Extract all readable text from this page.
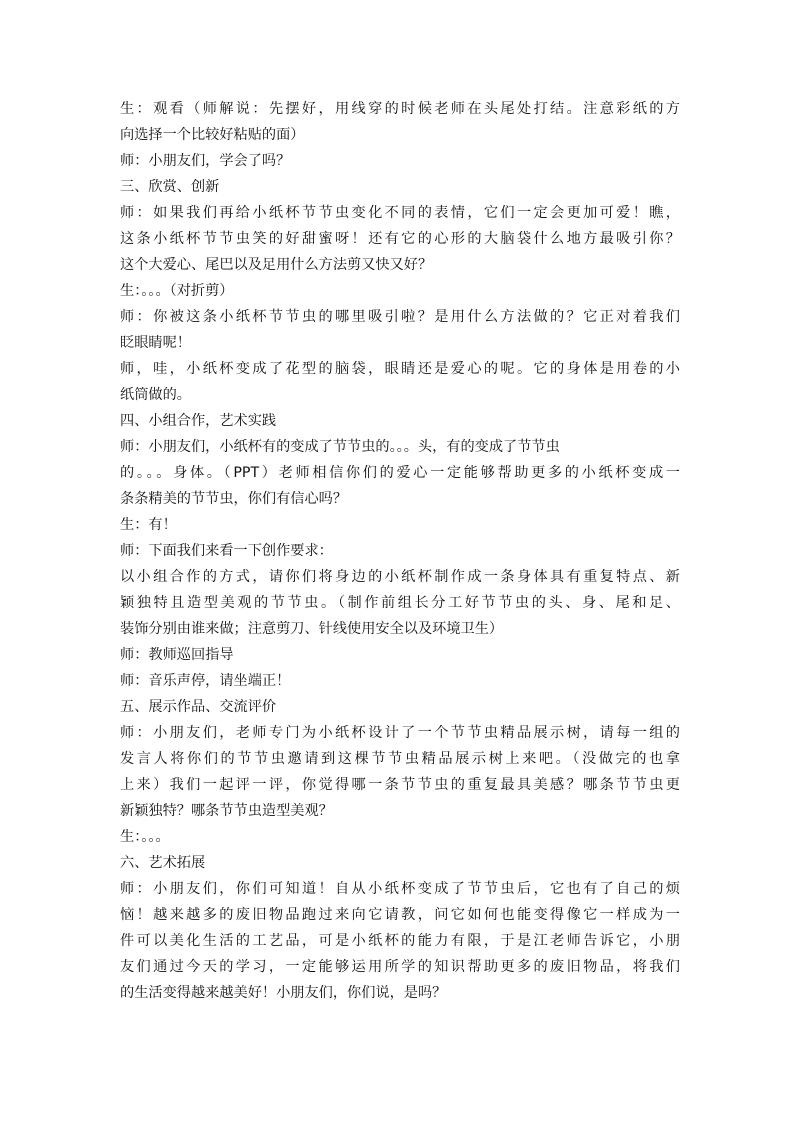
生：观看（师解说：先摆好，用线穿的时候老师在头尾处打结。注意彩纸的方

向选择一个比较好粘贴的面）

师：小朋友们，学会了吗？

三、欣赏、创新

师：如果我们再给小纸杯节节虫变化不同的表情，它们一定会更加可爱！瞧，

这条小纸杯节节虫笑的好甜蜜呀！还有它的心形的大脑袋什么地方最吸引你？

这个大爱心、尾巴以及足用什么方法剪又快又好？

生：。。。（对折剪）

师：你被这条小纸杯节节虫的哪里吸引啦？是用什么方法做的？它正对着我们

眨眼睛呢！

师，哇，小纸杯变成了花型的脑袋，眼睛还是爱心的呢。它的身体是用卷的小

纸筒做的。

四、小组合作，艺术实践

师：小朋友们，小纸杯有的变成了节节虫的。。。头，有的变成了节节虫

的。。。身体。（PPT）老师相信你们的爱心一定能够帮助更多的小纸杯变成一

条条精美的节节虫，你们有信心吗？

生：有！

师：下面我们来看一下创作要求：

以小组合作的方式，请你们将身边的小纸杯制作成一条身体具有重复特点、新

颖独特且造型美观的节节虫。（制作前组长分工好节节虫的头、身、尾和足、

装饰分别由谁来做；注意剪刀、针线使用安全以及环境卫生）

师：教师巡回指导

师：音乐声停，请坐端正！

五、展示作品、交流评价

师：小朋友们，老师专门为小纸杯设计了一个节节虫精品展示树，请每一组的

发言人将你们的节节虫邀请到这棵节节虫精品展示树上来吧。（没做完的也拿

上来）我们一起评一评，你觉得哪一条节节虫的重复最具美感？哪条节节虫更

新颖独特？哪条节节虫造型美观？

生：。。。

六、艺术拓展

师：小朋友们，你们可知道！自从小纸杯变成了节节虫后，它也有了自己的烦

恼！越来越多的废旧物品跑过来向它请教，问它如何也能变得像它一样成为一

件可以美化生活的工艺品，可是小纸杯的能力有限，于是江老师告诉它，小朋

友们通过今天的学习，一定能够运用所学的知识帮助更多的废旧物品，将我们

的生活变得越来越美好！小朋友们，你们说，是吗？
